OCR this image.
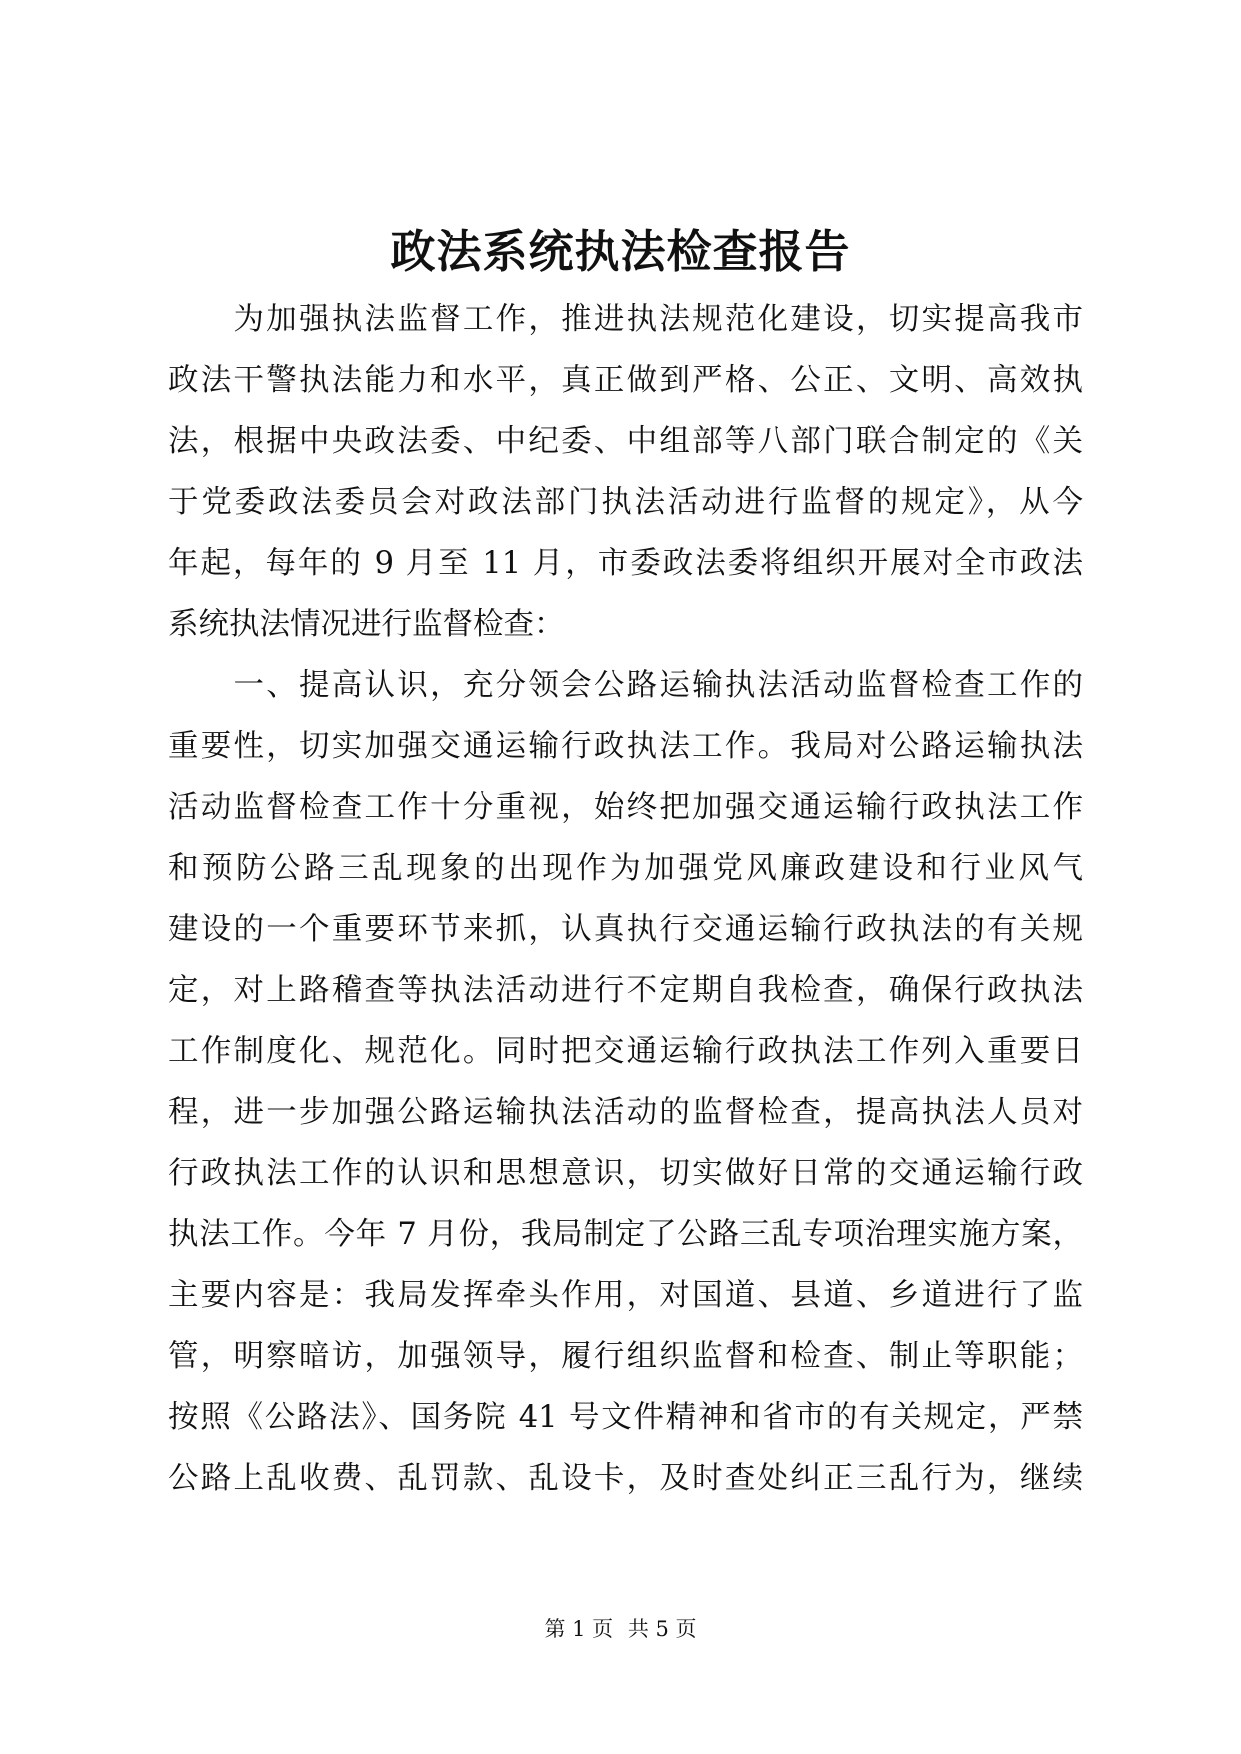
政法系统执法检查报告
　　为加强执法监督工作，推进执法规范化建设，切实提高我市
政法干警执法能力和水平，真正做到严格、公正、文明、高效执
法，根据中央政法委、中纪委、中组部等八部门联合制定的《关
于党委政法委员会对政法部门执法活动进行监督的规定》，从今
年起，每年的 9 月至 11 月，市委政法委将组织开展对全市政法
系统执法情况进行监督检查：
　　一、提高认识，充分领会公路运输执法活动监督检查工作的
重要性，切实加强交通运输行政执法工作。我局对公路运输执法
活动监督检查工作十分重视，始终把加强交通运输行政执法工作
和预防公路三乱现象的出现作为加强党风廉政建设和行业风气
建设的一个重要环节来抓，认真执行交通运输行政执法的有关规
定，对上路稽查等执法活动进行不定期自我检查，确保行政执法
工作制度化、规范化。同时把交通运输行政执法工作列入重要日
程，进一步加强公路运输执法活动的监督检查，提高执法人员对
行政执法工作的认识和思想意识，切实做好日常的交通运输行政
执法工作。今年 7 月份，我局制定了公路三乱专项治理实施方案，
主要内容是：我局发挥牵头作用，对国道、县道、乡道进行了监
管，明察暗访，加强领导，履行组织监督和检查、制止等职能；
按照《公路法》、国务院 41 号文件精神和省市的有关规定，严禁
公路上乱收费、乱罚款、乱设卡，及时查处纠正三乱行为，继续
第 1 页 共 5 页
